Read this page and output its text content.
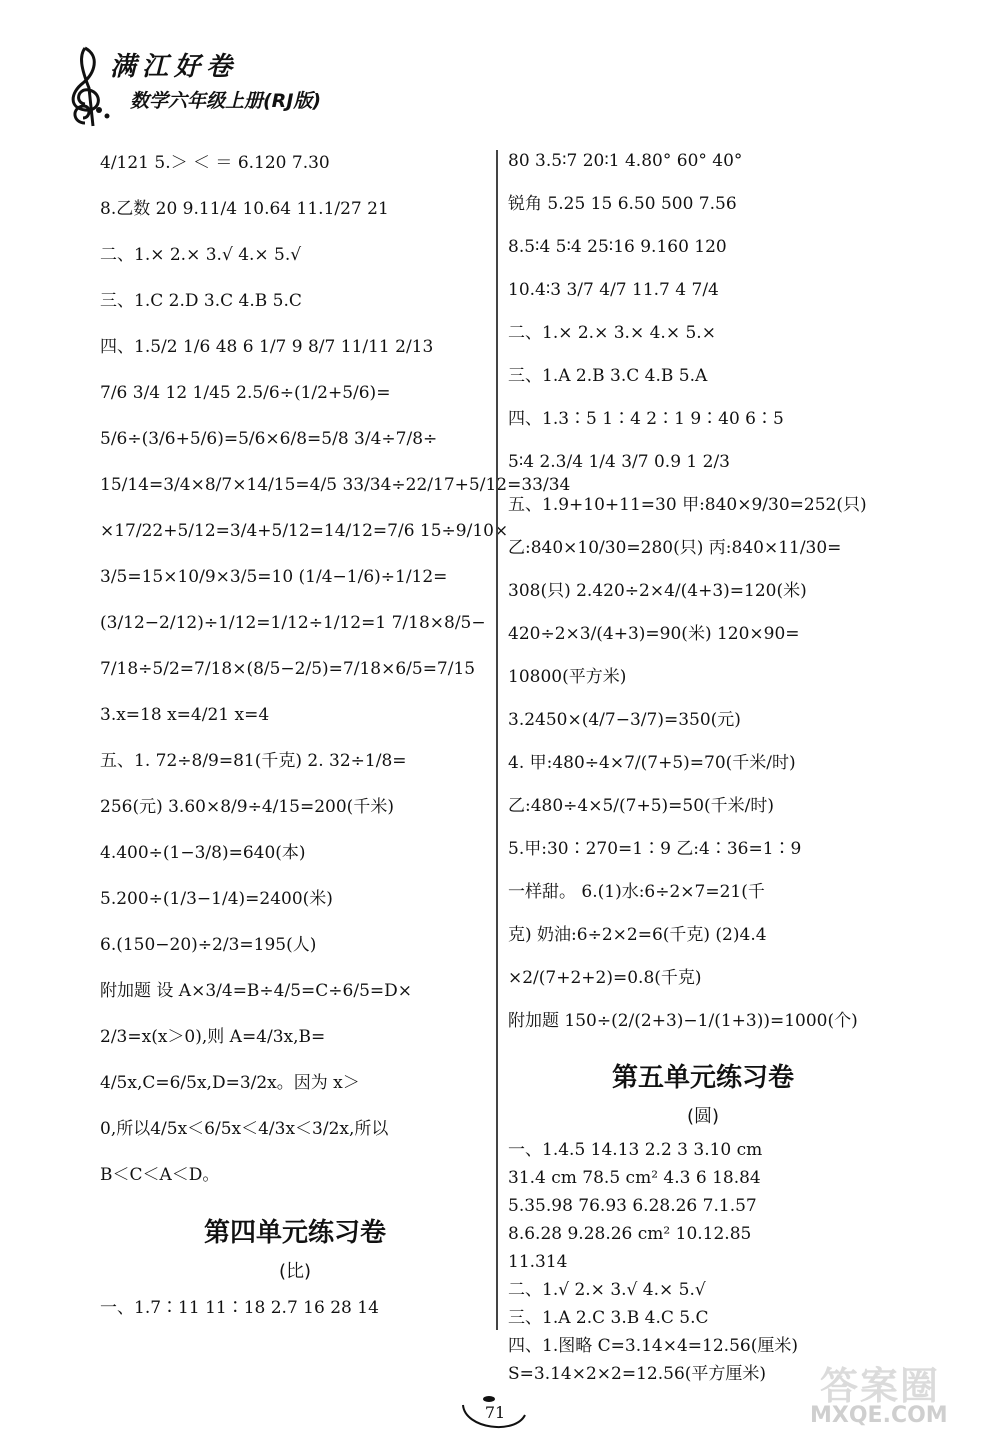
满江好卷
数学六年级上册(RJ版)

4/121 5.＞ ＜ ＝ 6.120 7.30

8.乙数 20 9.11/4 10.64 11.1/27 21

二、1.× 2.× 3.√ 4.× 5.√

三、1.C 2.D 3.C 4.B 5.C

四、1.5/2 1/6 48 6 1/7 9 8/7 11/11 2/13

7/6 3/4 12 1/45 2.5/6÷(1/2+5/6)=

5/6÷(3/6+5/6)=5/6×6/8=5/8 3/4÷7/8÷

15/14=3/4×8/7×14/15=4/5 33/34÷22/17+5/12=33/34

×17/22+5/12=3/4+5/12=14/12=7/6 15÷9/10×

3/5=15×10/9×3/5=10 (1/4−1/6)÷1/12=

(3/12−2/12)÷1/12=1/12÷1/12=1 7/18×8/5−

7/18÷5/2=7/18×(8/5−2/5)=7/18×6/5=7/15

3.x=18 x=4/21 x=4

五、1. 72÷8/9=81(千克) 2. 32÷1/8=

256(元) 3.60×8/9÷4/15=200(千米)

4.400÷(1−3/8)=640(本)

5.200÷(1/3−1/4)=2400(米)

6.(150−20)÷2/3=195(人)

附加题 设 A×3/4=B÷4/5=C÷6/5=D×

2/3=x(x＞0),则 A=4/3x,B=

4/5x,C=6/5x,D=3/2x。因为 x＞

0,所以4/5x＜6/5x＜4/3x＜3/2x,所以

B＜C＜A＜D。

第四单元练习卷
(比)

一、1.7∶11 11∶18 2.7 16 28 14

80 3.5∶7 20∶1 4.80° 60° 40°

锐角 5.25 15 6.50 500 7.56

8.5∶4 5∶4 25∶16 9.160 120

10.4∶3 3/7 4/7 11.7 4 7/4

二、1.× 2.× 3.× 4.× 5.×

三、1.A 2.B 3.C 4.B 5.A

四、1.3∶5 1∶4 2∶1 9∶40 6∶5

5∶4 2.3/4 1/4 3/7 0.9 1 2/3

五、1.9+10+11=30 甲:840×9/30=252(只)

乙:840×10/30=280(只) 丙:840×11/30=

308(只) 2.420÷2×4/(4+3)=120(米)

420÷2×3/(4+3)=90(米) 120×90=

10800(平方米)

3.2450×(4/7−3/7)=350(元)

4. 甲:480÷4×7/(7+5)=70(千米/时)

乙:480÷4×5/(7+5)=50(千米/时)

5.甲:30∶270=1∶9 乙:4∶36=1∶9

一样甜。 6.(1)水:6÷2×7=21(千

克) 奶油:6÷2×2=6(千克) (2)4.4

×2/(7+2+2)=0.8(千克)

附加题 150÷(2/(2+3)−1/(1+3))=1000(个)

第五单元练习卷
(圆)

一、1.4.5 14.13 2.2 3 3.10 cm

31.4 cm 78.5 cm² 4.3 6 18.84

5.35.98 76.93 6.28.26 7.1.57

8.6.28 9.28.26 cm² 10.12.85

11.314

二、1.√ 2.× 3.√ 4.× 5.√

三、1.A 2.C 3.B 4.C 5.C

四、1.图略 C=3.14×4=12.56(厘米)

S=3.14×2×2=12.56(平方厘米)

71
答案圈
MXQE.COM
